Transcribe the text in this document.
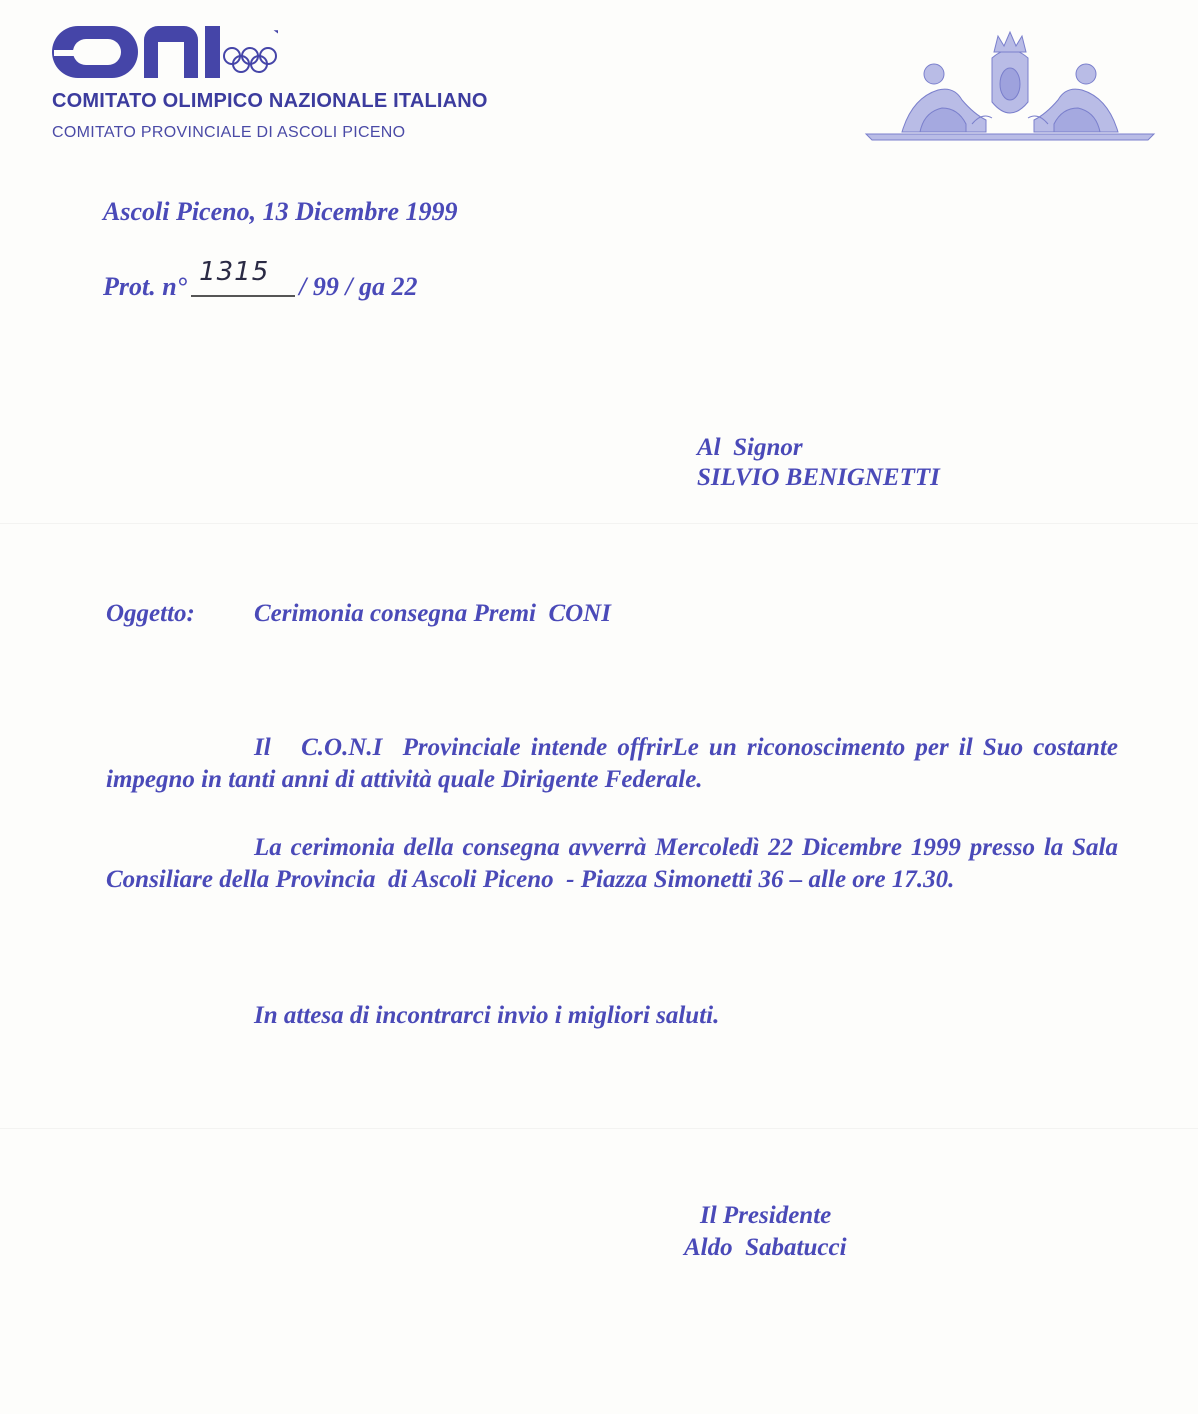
COMITATO OLIMPICO NAZIONALE ITALIANO
COMITATO PROVINCIALE DI ASCOLI PICENO
Ascoli Piceno, 13 Dicembre 1999
Prot. n° 1315 / 99 / ga 22
Al  Signor
SILVIO BENIGNETTI
Oggetto: Cerimonia consegna Premi  CONI
Il   C.O.N.I  Provinciale intende offrirLe un riconoscimento per il Suo costante impegno in tanti anni di attività quale Dirigente Federale.
La cerimonia della consegna avverrà Mercoledì 22 Dicembre 1999 presso la Sala Consiliare della Provincia  di Ascoli Piceno  - Piazza Simonetti 36 – alle ore 17.30.
In attesa di incontrarci invio i migliori saluti.
Il Presidente
Aldo  Sabatucci
